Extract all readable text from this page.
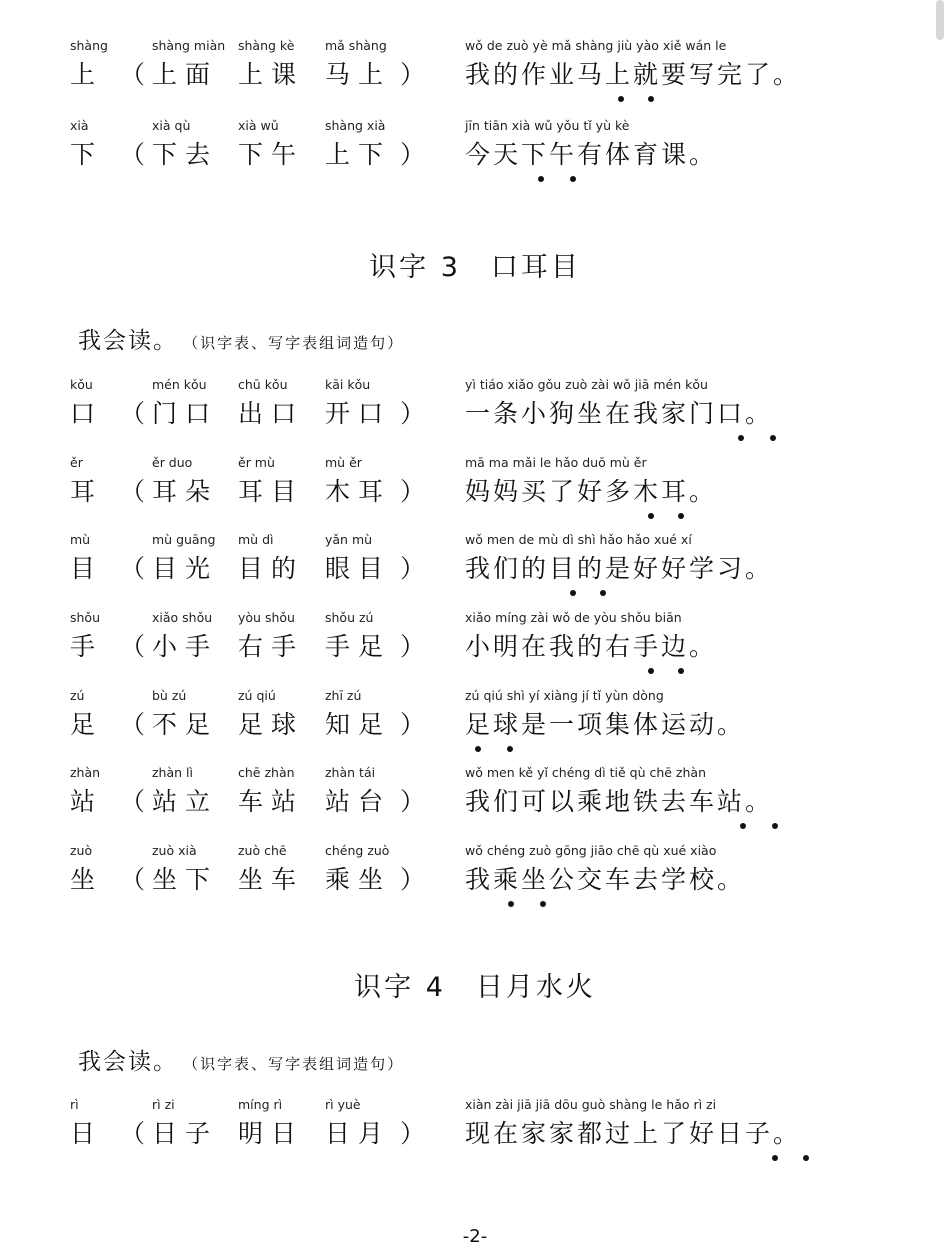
shàng
上
（
shàng miàn
上面
shàng kè
上课
mǎ shàng
马上
）
wǒ de zuò yè mǎ shàng jiù yào xiě wán le
我的作业马上就要写完了。
xià
下
（
xià qù
下去
xià wǔ
下午
shàng xià
上下
）
jīn tiān xià wǔ yǒu tǐ yù kè
今天下午有体育课。
识字 3　口耳目
我会读。 （识字表、写字表组词造句）
kǒu
口
（
mén kǒu
门口
chū kǒu
出口
kāi kǒu
开口
）
yì tiáo xiǎo gǒu zuò zài wǒ jiā mén kǒu
一条小狗坐在我家门口。
ěr
耳
（
ěr duo
耳朵
ěr mù
耳目
mù ěr
木耳
）
mā ma mǎi le hǎo duō mù ěr
妈妈买了好多木耳。
mù
目
（
mù guāng
目光
mù dì
目的
yǎn mù
眼目
）
wǒ men de mù dì shì hǎo hǎo xué xí
我们的目的是好好学习。
shǒu
手
（
xiǎo shǒu
小手
yòu shǒu
右手
shǒu zú
手足
）
xiǎo míng zài wǒ de yòu shǒu biān
小明在我的右手边。
zú
足
（
bù zú
不足
zú qiú
足球
zhī zú
知足
）
zú qiú shì yí xiàng jí tǐ yùn dòng
足球是一项集体运动。
zhàn
站
（
zhàn lì
站立
chē zhàn
车站
zhàn tái
站台
）
wǒ men kě yǐ chéng dì tiě qù chē zhàn
我们可以乘地铁去车站。
zuò
坐
（
zuò xià
坐下
zuò chē
坐车
chéng zuò
乘坐
）
wǒ chéng zuò gōng jiāo chē qù xué xiào
我乘坐公交车去学校。
识字 4　日月水火
我会读。 （识字表、写字表组词造句）
rì
日
（
rì zi
日子
míng rì
明日
rì yuè
日月
）
xiàn zài jiā jiā dōu guò shàng le hǎo rì zi
现在家家都过上了好日子。
-2-
